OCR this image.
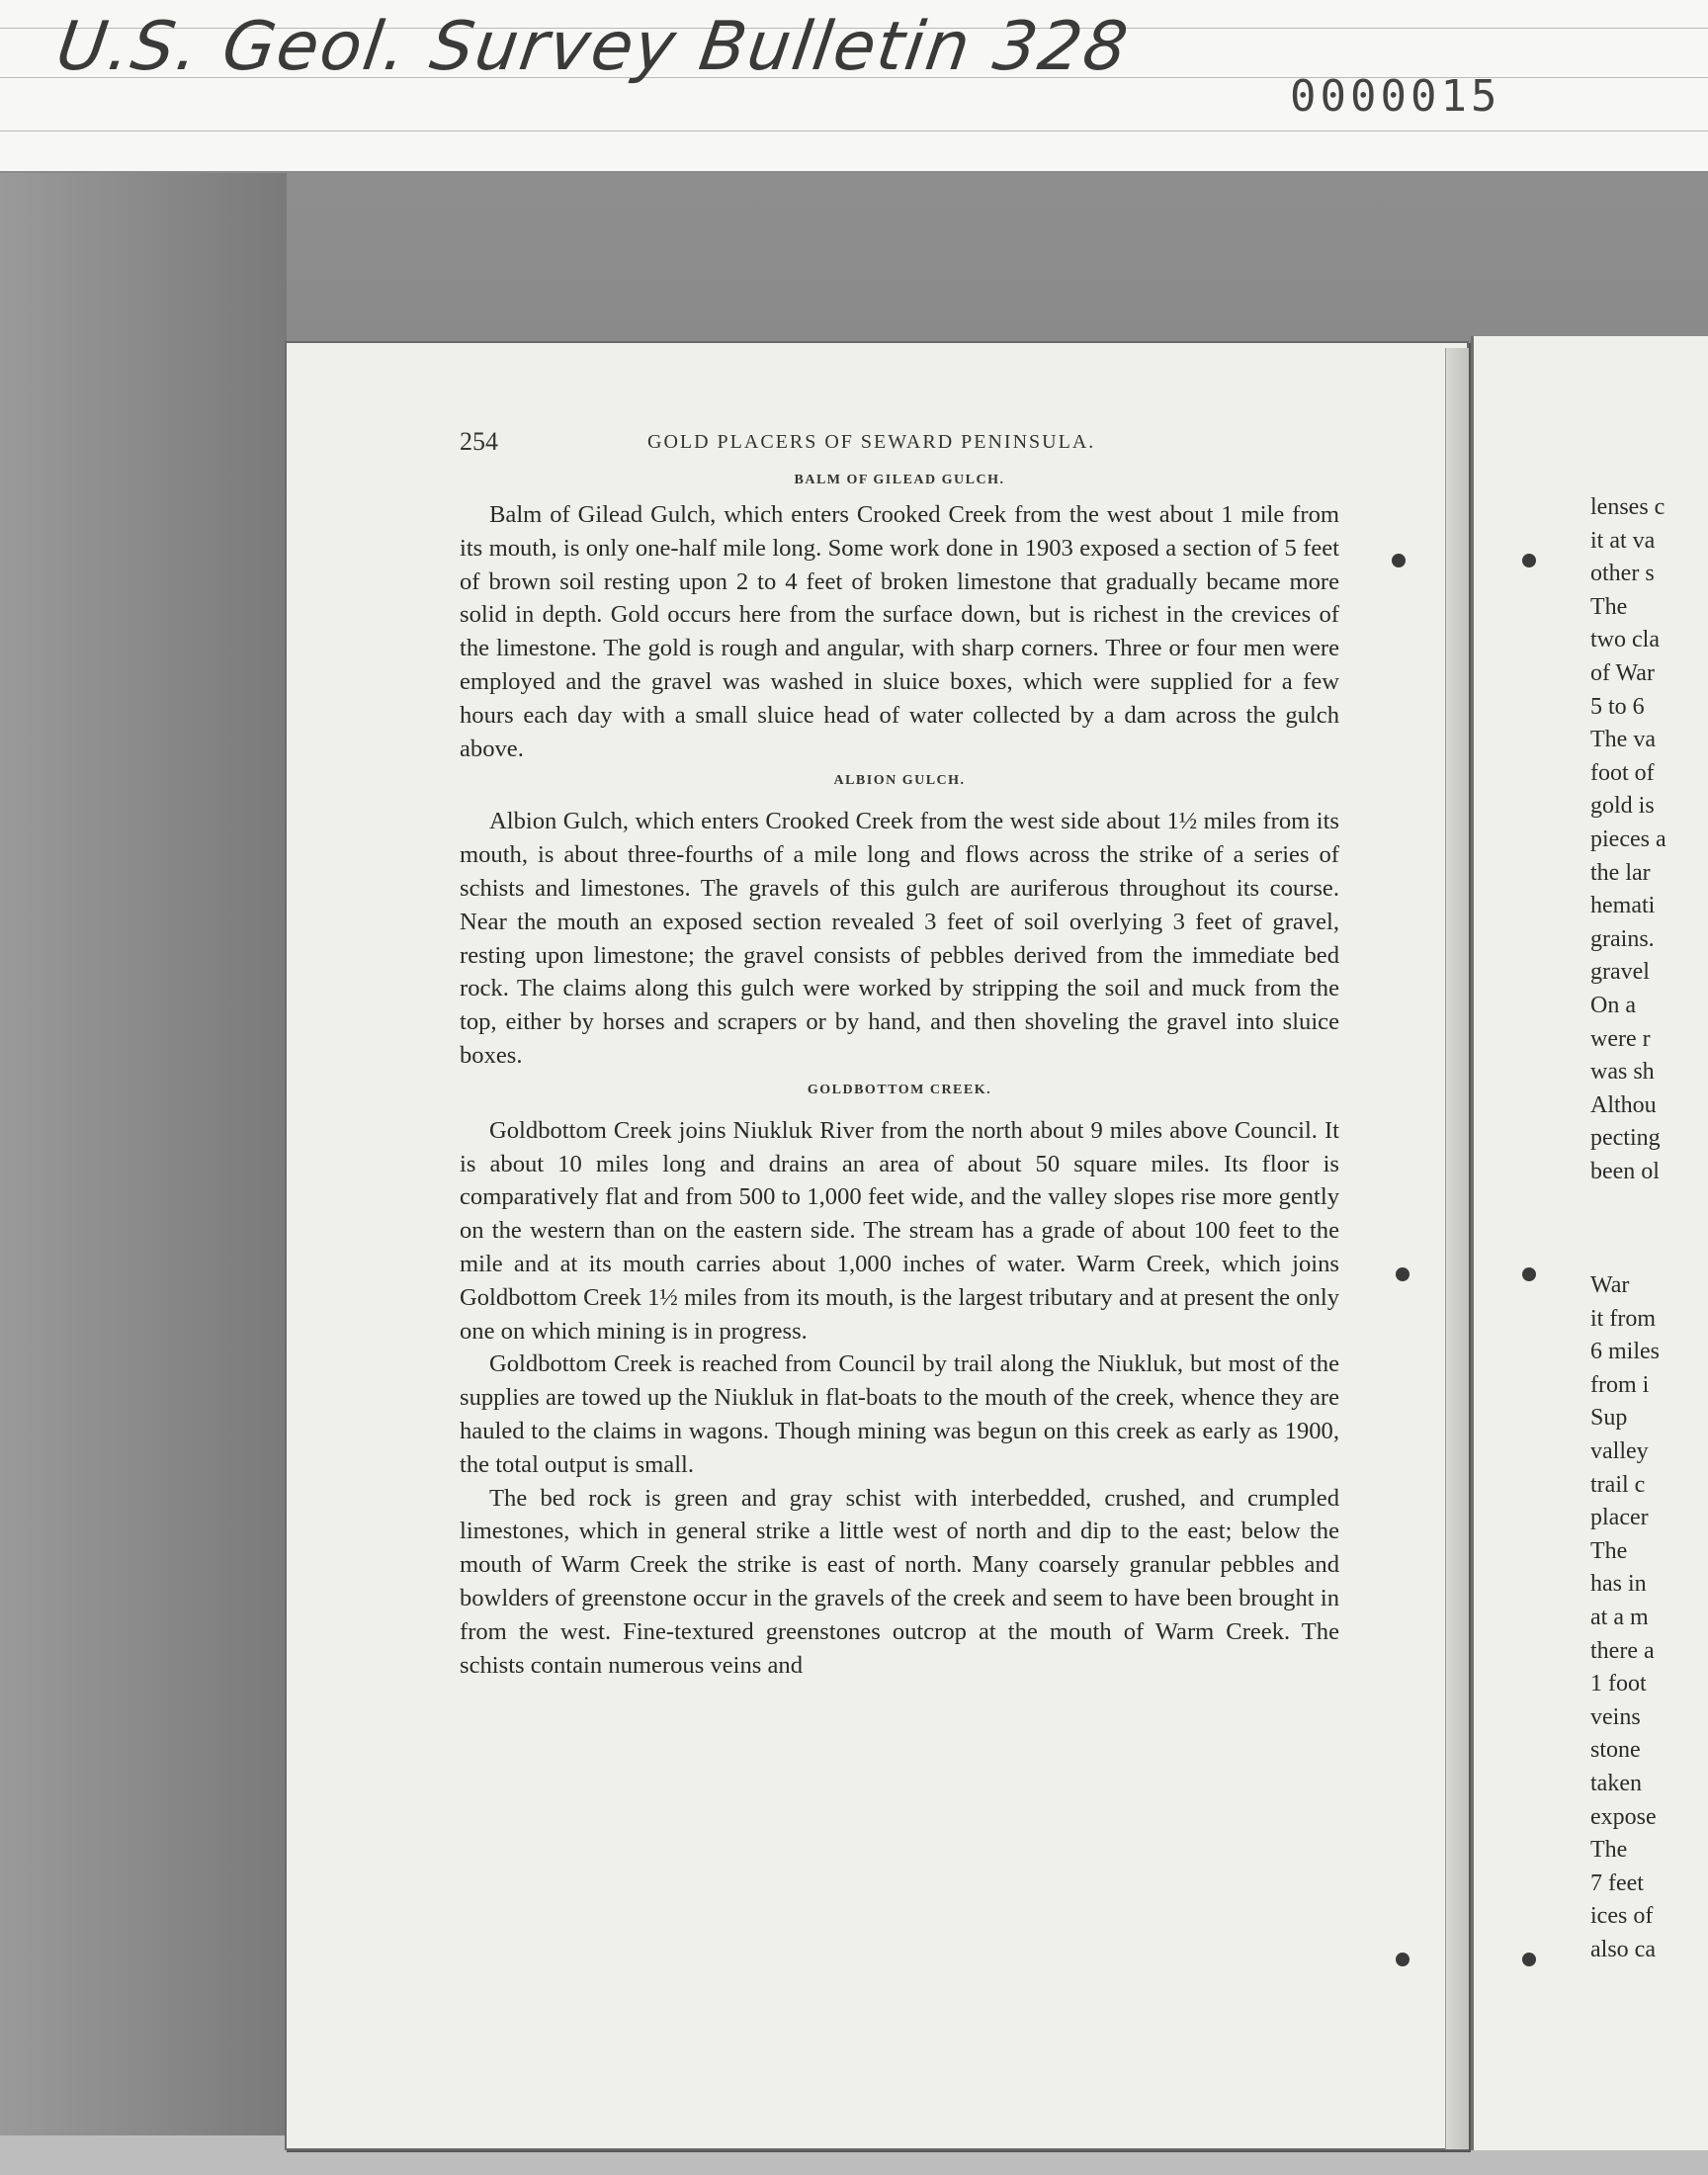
U.S. Geol. Survey Bulletin 328
0000015
lenses c
it at va
other s
The
two cla
of War
5 to 6
The va
foot of
gold is
pieces a
the lar
hemati
grains.
gravel
On a
were r
was sh
Althou
pecting
been ol
War
it from
6 miles
from i
Sup
valley
trail c
placer
The
has in
at a m
there a
1 foot
veins
stone
taken
expose
The
7 feet
ices of
also ca
254	GOLD PLACERS OF SEWARD PENINSULA.
BALM OF GILEAD GULCH.

Balm of Gilead Gulch, which enters Crooked Creek from the west about 1 mile from its mouth, is only one-half mile long. Some work done in 1903 exposed a section of 5 feet of brown soil resting upon 2 to 4 feet of broken limestone that gradually became more solid in depth. Gold occurs here from the surface down, but is richest in the crevices of the limestone. The gold is rough and angular, with sharp corners. Three or four men were employed and the gravel was washed in sluice boxes, which were supplied for a few hours each day with a small sluice head of water collected by a dam across the gulch above.

ALBION GULCH.

Albion Gulch, which enters Crooked Creek from the west side about 1½ miles from its mouth, is about three-fourths of a mile long and flows across the strike of a series of schists and limestones. The gravels of this gulch are auriferous throughout its course. Near the mouth an exposed section revealed 3 feet of soil overlying 3 feet of gravel, resting upon limestone; the gravel consists of pebbles derived from the immediate bed rock. The claims along this gulch were worked by stripping the soil and muck from the top, either by horses and scrapers or by hand, and then shoveling the gravel into sluice boxes.

GOLDBOTTOM CREEK.

Goldbottom Creek joins Niukluk River from the north about 9 miles above Council. It is about 10 miles long and drains an area of about 50 square miles. Its floor is comparatively flat and from 500 to 1,000 feet wide, and the valley slopes rise more gently on the western than on the eastern side. The stream has a grade of about 100 feet to the mile and at its mouth carries about 1,000 inches of water. Warm Creek, which joins Goldbottom Creek 1½ miles from its mouth, is the largest tributary and at present the only one on which mining is in progress.

Goldbottom Creek is reached from Council by trail along the Niukluk, but most of the supplies are towed up the Niukluk in flat-boats to the mouth of the creek, whence they are hauled to the claims in wagons. Though mining was begun on this creek as early as 1900, the total output is small.

The bed rock is green and gray schist with interbedded, crushed, and crumpled limestones, which in general strike a little west of north and dip to the east; below the mouth of Warm Creek the strike is east of north. Many coarsely granular pebbles and bowlders of greenstone occur in the gravels of the creek and seem to have been brought in from the west. Fine-textured greenstones outcrop at the mouth of Warm Creek. The schists contain numerous veins and
